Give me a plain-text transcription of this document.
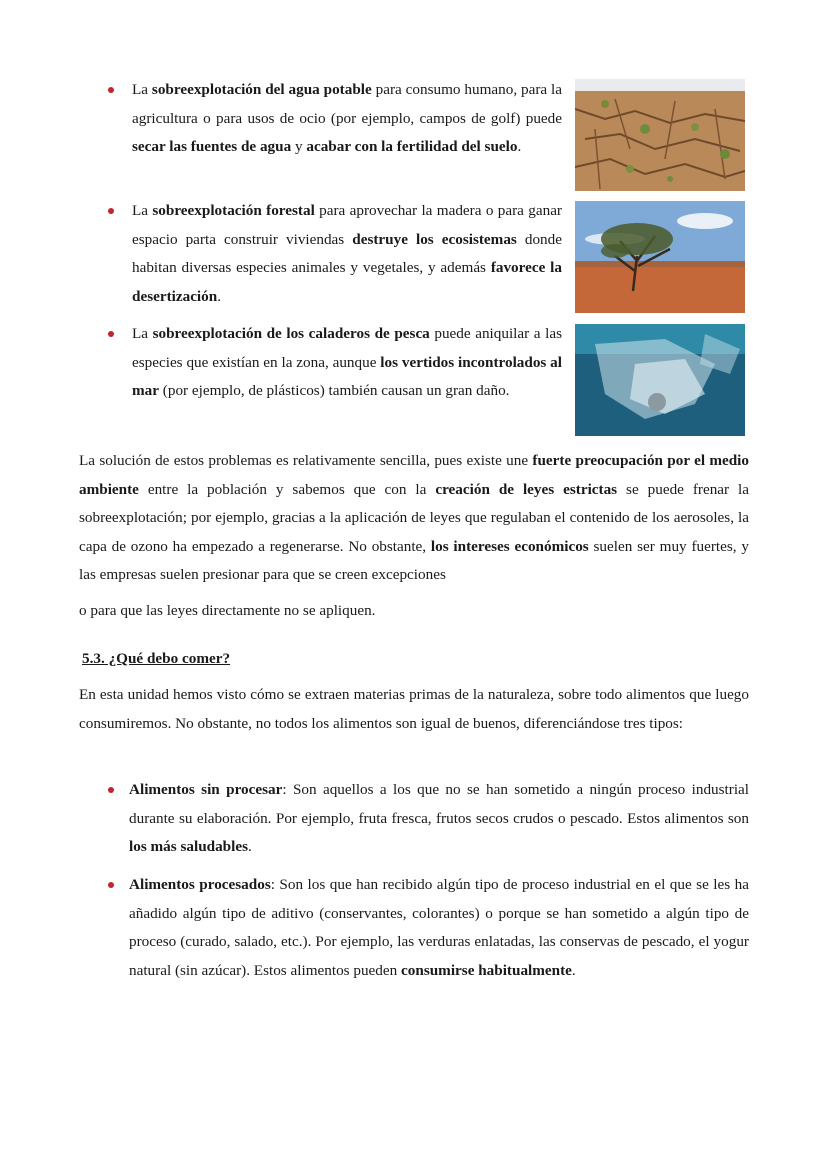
La sobreexplotación del agua potable para consumo humano, para la agricultura o para usos de ocio (por ejemplo, campos de golf) puede secar las fuentes de agua y acabar con la fertilidad del suelo.
La sobreexplotación forestal para aprovechar la madera o para ganar espacio parta construir viviendas destruye los ecosistemas donde habitan diversas especies animales y vegetales, y además favorece la desertización.
La sobreexplotación de los caladeros de pesca puede aniquilar a las especies que existían en la zona, aunque los vertidos incontrolados al mar (por ejemplo, de plásticos) también causan un gran daño.
La solución de estos problemas es relativamente sencilla, pues existe une fuerte preocupación por el medio ambiente entre la población y sabemos que con la creación de leyes estrictas se puede frenar la sobreexplotación; por ejemplo, gracias a la aplicación de leyes que regulaban el contenido de los aerosoles, la capa de ozono ha empezado a regenerarse. No obstante, los intereses económicos suelen ser muy fuertes, y las empresas suelen presionar para que se creen excepciones
o para que las leyes directamente no se apliquen.
5.3. ¿Qué debo comer?
En esta unidad hemos visto cómo se extraen materias primas de la naturaleza, sobre todo alimentos que luego consumiremos. No obstante, no todos los alimentos son igual de buenos, diferenciándose tres tipos:
Alimentos sin procesar: Son aquellos a los que no se han sometido a ningún proceso industrial durante su elaboración. Por ejemplo, fruta fresca, frutos secos crudos o pescado. Estos alimentos son los más saludables.
Alimentos procesados: Son los que han recibido algún tipo de proceso industrial en el que se les ha añadido algún tipo de aditivo (conservantes, colorantes) o porque se han sometido a algún tipo de proceso (curado, salado, etc.). Por ejemplo, las verduras enlatadas, las conservas de pescado, el yogur natural (sin azúcar). Estos alimentos pueden consumirse habitualmente.
